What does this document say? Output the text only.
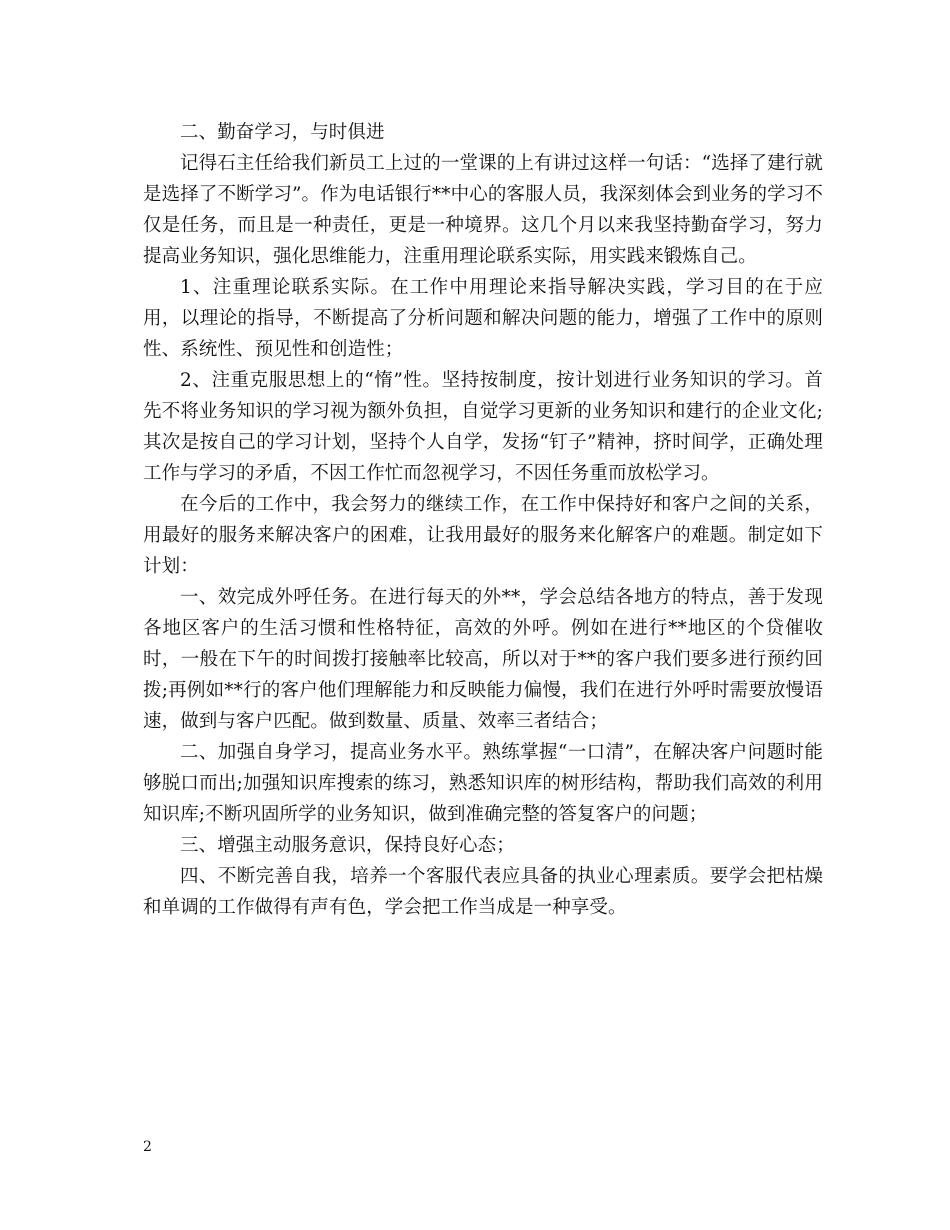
二、勤奋学习，与时俱进

记得石主任给我们新员工上过的一堂课的上有讲过这样一句话：“选择了建行就是选择了不断学习”。作为电话银行**中心的客服人员，我深刻体会到业务的学习不仅是任务，而且是一种责任，更是一种境界。这几个月以来我坚持勤奋学习，努力提高业务知识，强化思维能力，注重用理论联系实际，用实践来锻炼自己。

1、注重理论联系实际。在工作中用理论来指导解决实践，学习目的在于应用，以理论的指导，不断提高了分析问题和解决问题的能力，增强了工作中的原则性、系统性、预见性和创造性；

2、注重克服思想上的“惰”性。坚持按制度，按计划进行业务知识的学习。首先不将业务知识的学习视为额外负担，自觉学习更新的业务知识和建行的企业文化;其次是按自己的学习计划，坚持个人自学，发扬“钉子”精神，挤时间学，正确处理工作与学习的矛盾，不因工作忙而忽视学习，不因任务重而放松学习。

在今后的工作中，我会努力的继续工作，在工作中保持好和客户之间的关系，用最好的服务来解决客户的困难，让我用最好的服务来化解客户的难题。制定如下计划：

一、效完成外呼任务。在进行每天的外**，学会总结各地方的特点，善于发现各地区客户的生活习惯和性格特征，高效的外呼。例如在进行**地区的个贷催收时，一般在下午的时间拨打接触率比较高，所以对于**的客户我们要多进行预约回拨;再例如**行的客户他们理解能力和反映能力偏慢，我们在进行外呼时需要放慢语速，做到与客户匹配。做到数量、质量、效率三者结合；

二、加强自身学习，提高业务水平。熟练掌握“一口清”，在解决客户问题时能够脱口而出;加强知识库搜索的练习，熟悉知识库的树形结构，帮助我们高效的利用知识库;不断巩固所学的业务知识，做到准确完整的答复客户的问题；

三、增强主动服务意识，保持良好心态；

四、不断完善自我，培养一个客服代表应具备的执业心理素质。要学会把枯燥和单调的工作做得有声有色，学会把工作当成是一种享受。

2
